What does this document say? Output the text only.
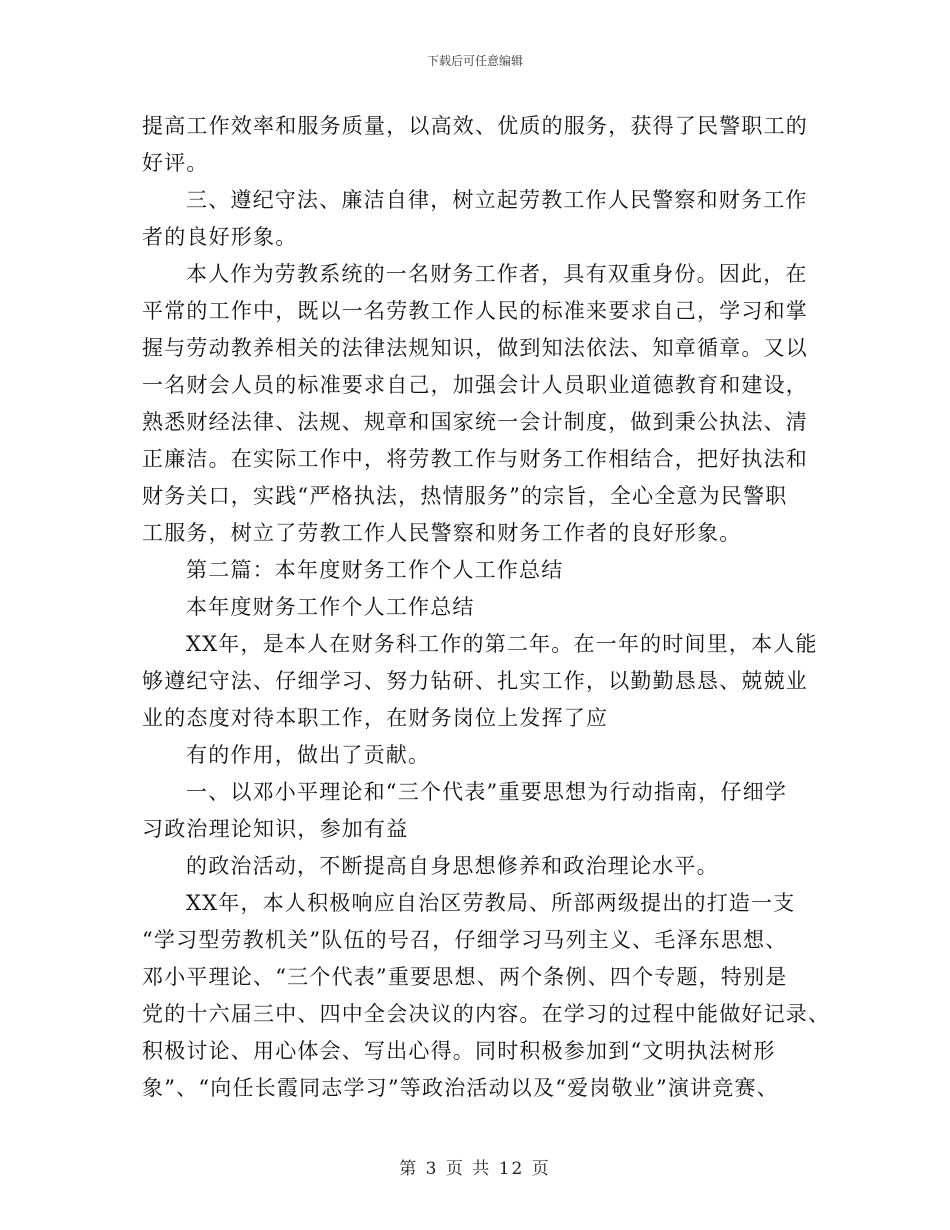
下载后可任意编辑
提高工作效率和服务质量，以高效、优质的服务，获得了民警职工的
好评。
三、遵纪守法、廉洁自律，树立起劳教工作人民警察和财务工作
者的良好形象。
本人作为劳教系统的一名财务工作者，具有双重身份。因此，在
平常的工作中，既以一名劳教工作人民的标准来要求自己，学习和掌
握与劳动教养相关的法律法规知识，做到知法依法、知章循章。又以
一名财会人员的标准要求自己，加强会计人员职业道德教育和建设，
熟悉财经法律、法规、规章和国家统一会计制度，做到秉公执法、清
正廉洁。在实际工作中，将劳教工作与财务工作相结合，把好执法和
财务关口，实践“严格执法，热情服务”的宗旨，全心全意为民警职
工服务，树立了劳教工作人民警察和财务工作者的良好形象。
第二篇：本年度财务工作个人工作总结
本年度财务工作个人工作总结
XX年，是本人在财务科工作的第二年。在一年的时间里，本人能
够遵纪守法、仔细学习、努力钻研、扎实工作，以勤勤恳恳、兢兢业
业的态度对待本职工作，在财务岗位上发挥了应
有的作用，做出了贡献。
一、以邓小平理论和“三个代表”重要思想为行动指南，仔细学
习政治理论知识，参加有益
的政治活动，不断提高自身思想修养和政治理论水平。
XX年，本人积极响应自治区劳教局、所部两级提出的打造一支
“学习型劳教机关”队伍的号召，仔细学习马列主义、毛泽东思想、
邓小平理论、“三个代表”重要思想、两个条例、四个专题，特别是
党的十六届三中、四中全会决议的内容。在学习的过程中能做好记录、
积极讨论、用心体会、写出心得。同时积极参加到“文明执法树形
象”、“向任长霞同志学习”等政治活动以及“爱岗敬业”演讲竞赛、
第 3 页 共 12 页
